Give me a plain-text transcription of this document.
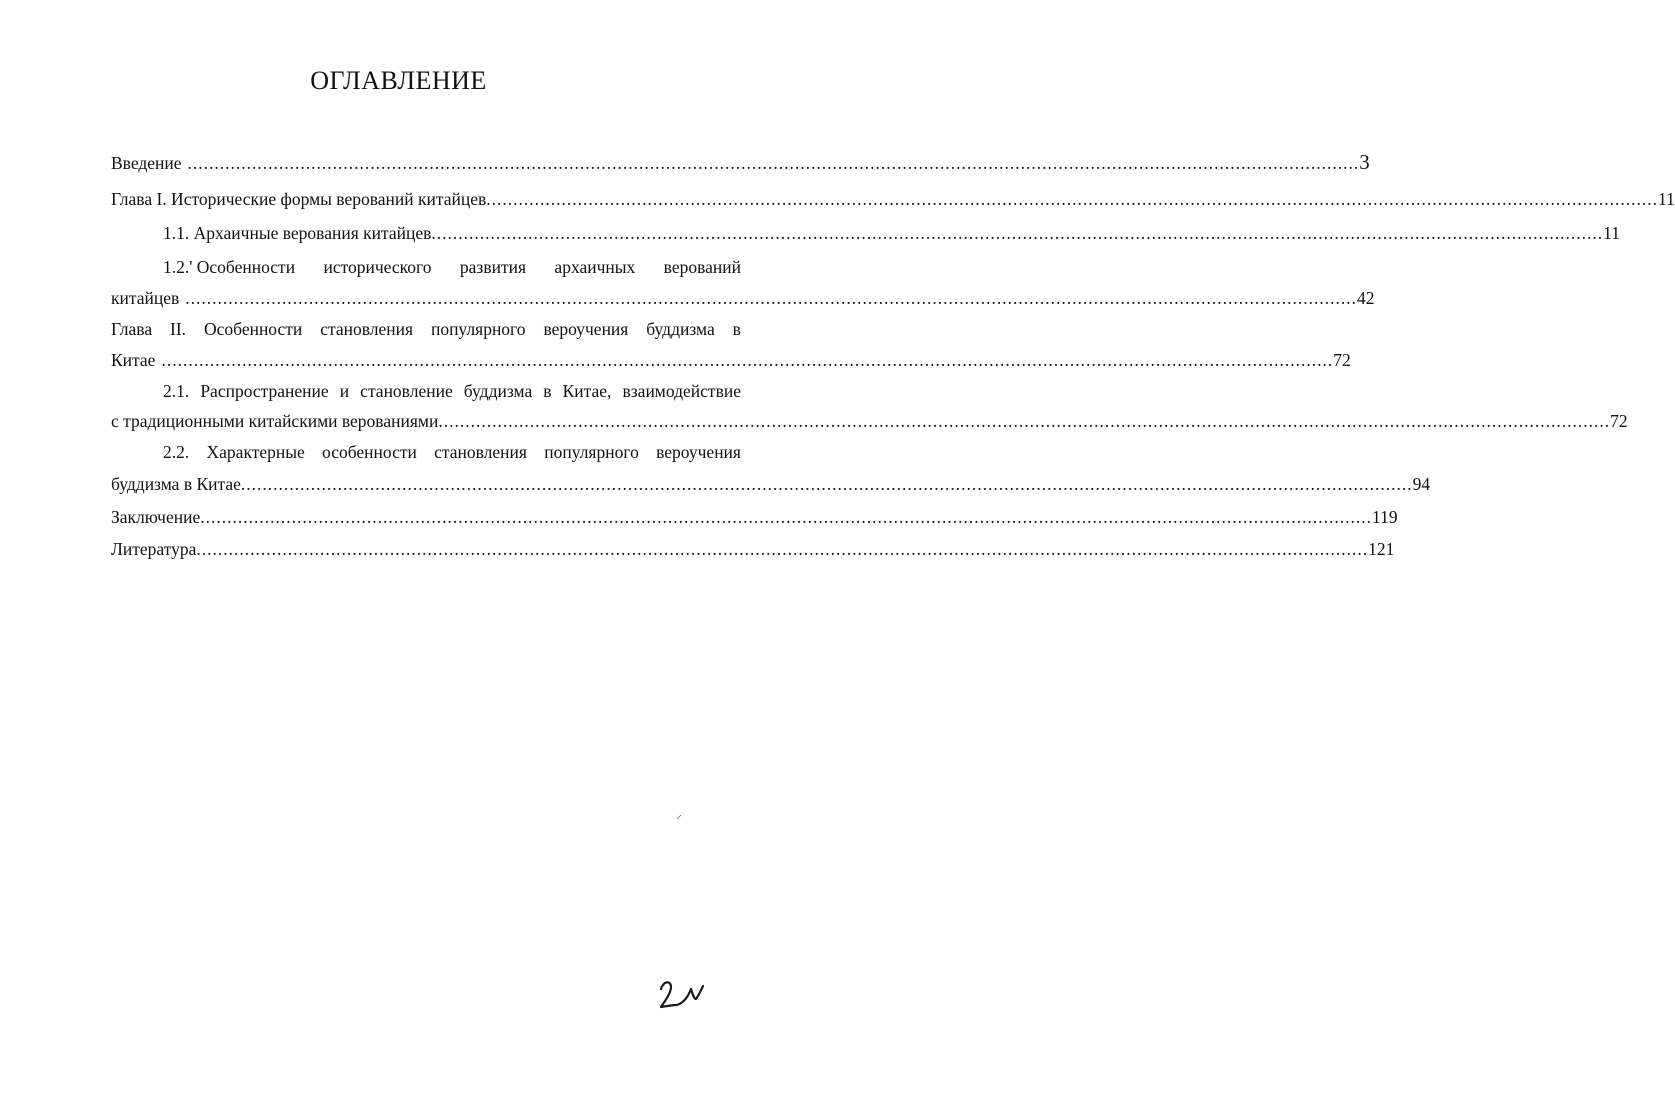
ОГЛАВЛЕНИЕ
Введение .......................................................................................................................................................................................................................... 3
Глава I. Исторические формы верований китайцев .......................................................................................................................................................................................................................... 11
1.1. Архаичные верования китайцев .......................................................................................................................................................................................................................... 11
1.2.' Особенности исторического развития архаичных верований
китайцев .......................................................................................................................................................................................................................... 42
Глава II. Особенности становления популярного вероучения буддизма в
Китае .......................................................................................................................................................................................................................... 72
2.1. Распространение и становление буддизма в Китае, взаимодействие
с традиционными китайскими верованиями .......................................................................................................................................................................................................................... 72
2.2. Характерные особенности становления популярного вероучения
буддизма в Китае .......................................................................................................................................................................................................................... 94
Заключение .......................................................................................................................................................................................................................... 119
Литература .......................................................................................................................................................................................................................... 121
